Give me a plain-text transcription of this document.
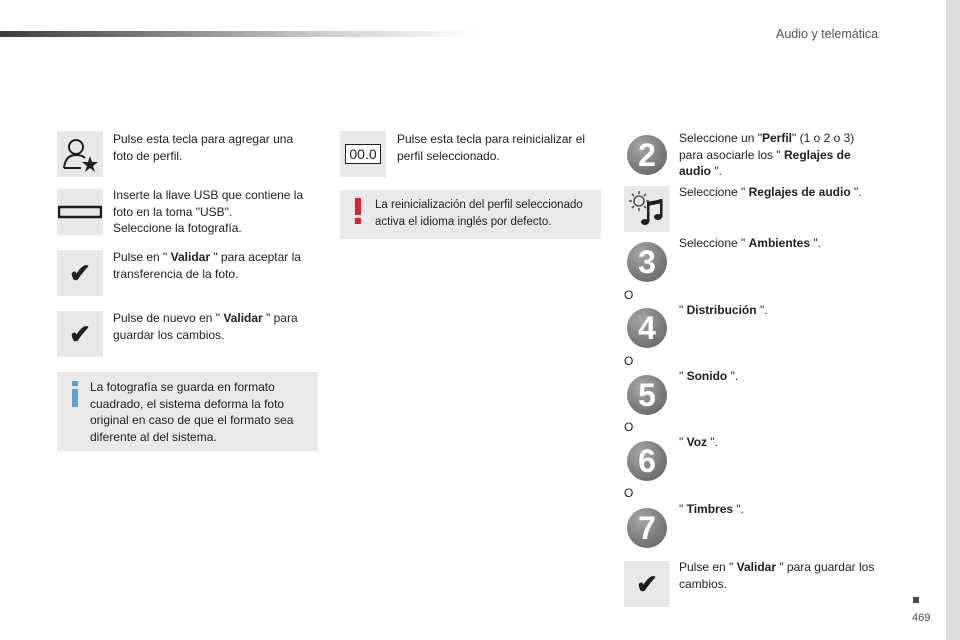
Audio y telemática
469
Pulse esta tecla para agregar una foto de perfil.
Inserte la llave USB que contiene la
foto en la toma "USB".
Seleccione la fotografía.
✔
Pulse en " Validar " para aceptar la transferencia de la foto.
✔
Pulse de nuevo en " Validar " para guardar los cambios.
La fotografía se guarda en formato cuadrado, el sistema deforma la foto original en caso de que el formato sea diferente al del sistema.
00.0
Pulse esta tecla para reinicializar el perfil seleccionado.
La reinicialización del perfil seleccionado activa el idioma inglés por defecto.
2	Seleccione un "Perfil" (1 o 2 o 3) para asociarle los " Reglajes de audio ".
Seleccione " Reglajes de audio ".
3
Seleccione " Ambientes ".
O
4	" Distribución ".
O
5
" Sonido ".
O
6
" Voz ".
O
7
" Timbres ".
✔
Pulse en " Validar " para guardar los cambios.
